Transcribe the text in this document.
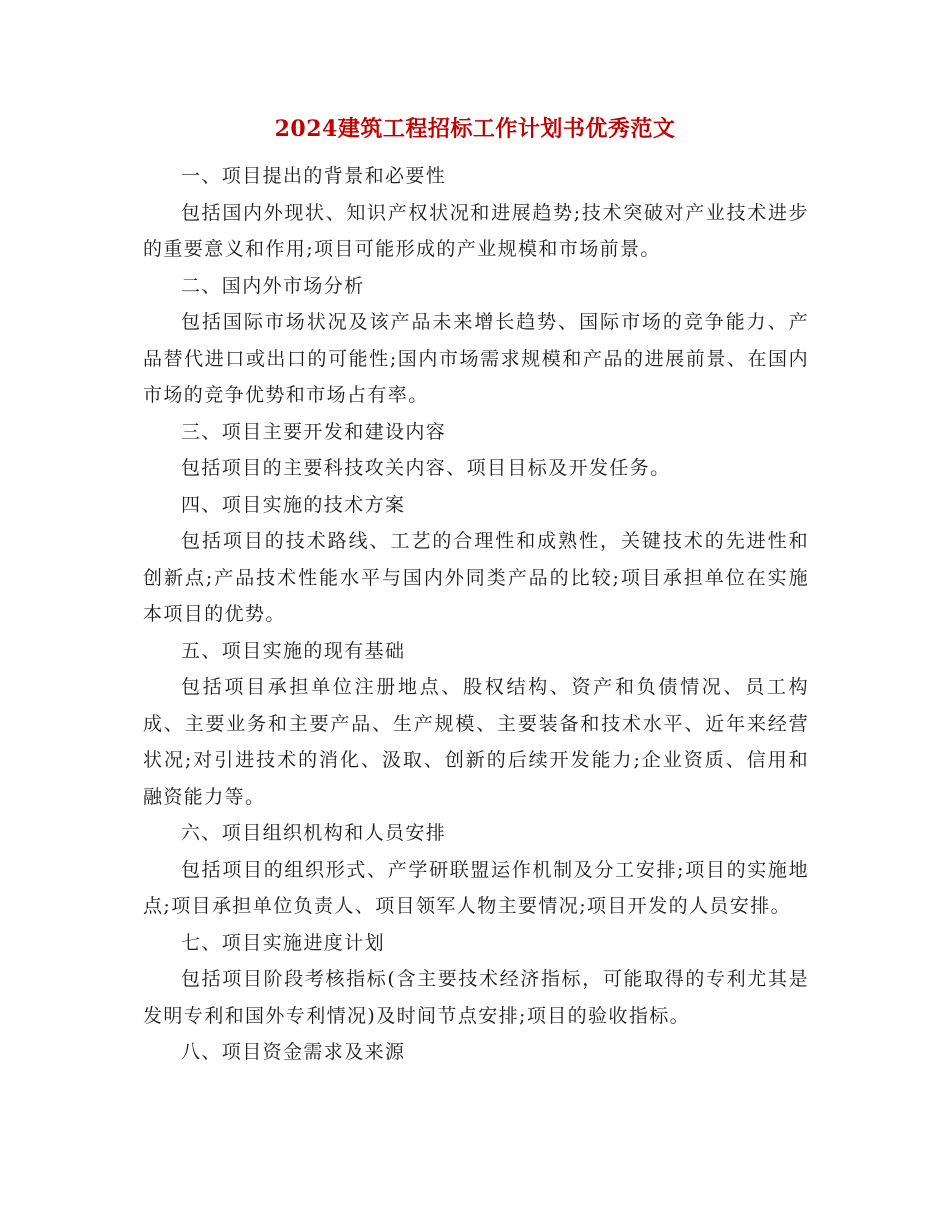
2024建筑工程招标工作计划书优秀范文

一、项目提出的背景和必要性

包括国内外现状、知识产权状况和进展趋势;技术突破对产业技术进步的重要意义和作用;项目可能形成的产业规模和市场前景。

二、国内外市场分析

包括国际市场状况及该产品未来增长趋势、国际市场的竞争能力、产品替代进口或出口的可能性;国内市场需求规模和产品的进展前景、在国内市场的竞争优势和市场占有率。

三、项目主要开发和建设内容

包括项目的主要科技攻关内容、项目目标及开发任务。

四、项目实施的技术方案

包括项目的技术路线、工艺的合理性和成熟性，关键技术的先进性和创新点;产品技术性能水平与国内外同类产品的比较;项目承担单位在实施本项目的优势。

五、项目实施的现有基础

包括项目承担单位注册地点、股权结构、资产和负债情况、员工构成、主要业务和主要产品、生产规模、主要装备和技术水平、近年来经营状况;对引进技术的消化、汲取、创新的后续开发能力;企业资质、信用和融资能力等。

六、项目组织机构和人员安排

包括项目的组织形式、产学研联盟运作机制及分工安排;项目的实施地点;项目承担单位负责人、项目领军人物主要情况;项目开发的人员安排。

七、项目实施进度计划

包括项目阶段考核指标(含主要技术经济指标，可能取得的专利尤其是发明专利和国外专利情况)及时间节点安排;项目的验收指标。

八、项目资金需求及来源
